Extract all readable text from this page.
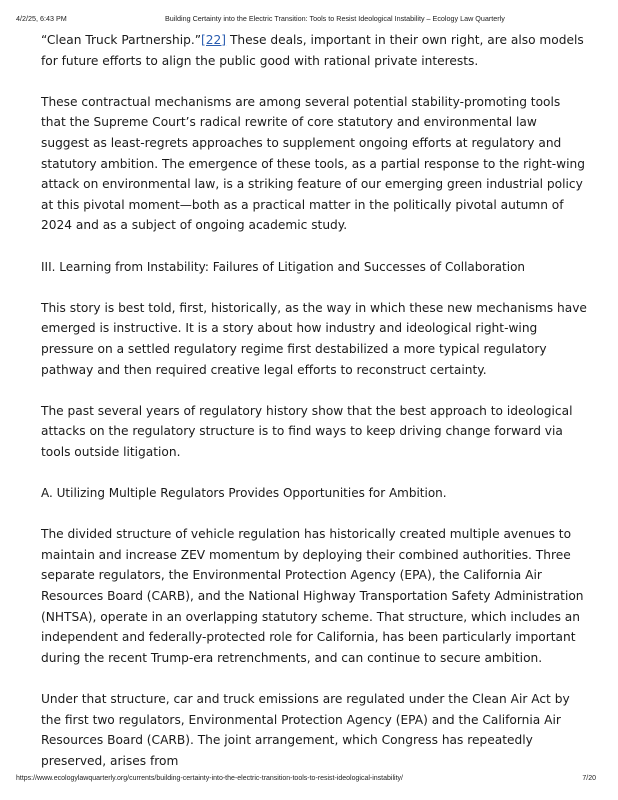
4/2/25, 6:43 PM	Building Certainty into the Electric Transition: Tools to Resist Ideological Instability – Ecology Law Quarterly

“Clean Truck Partnership.”[22] These deals, important in their own right, are also models for future efforts to align the public good with rational private interests.

These contractual mechanisms are among several potential stability-promoting tools that the Supreme Court’s radical rewrite of core statutory and environmental law suggest as least-regrets approaches to supplement ongoing efforts at regulatory and statutory ambition. The emergence of these tools, as a partial response to the right-wing attack on environmental law, is a striking feature of our emerging green industrial policy at this pivotal moment—both as a practical matter in the politically pivotal autumn of 2024 and as a subject of ongoing academic study.

III. Learning from Instability: Failures of Litigation and Successes of Collaboration

This story is best told, first, historically, as the way in which these new mechanisms have emerged is instructive. It is a story about how industry and ideological right-wing pressure on a settled regulatory regime first destabilized a more typical regulatory pathway and then required creative legal efforts to reconstruct certainty.

The past several years of regulatory history show that the best approach to ideological attacks on the regulatory structure is to find ways to keep driving change forward via tools outside litigation.

A. Utilizing Multiple Regulators Provides Opportunities for Ambition.

The divided structure of vehicle regulation has historically created multiple avenues to maintain and increase ZEV momentum by deploying their combined authorities. Three separate regulators, the Environmental Protection Agency (EPA), the California Air Resources Board (CARB), and the National Highway Transportation Safety Administration (NHTSA), operate in an overlapping statutory scheme. That structure, which includes an independent and federally-protected role for California, has been particularly important during the recent Trump-era retrenchments, and can continue to secure ambition.

Under that structure, car and truck emissions are regulated under the Clean Air Act by the first two regulators, Environmental Protection Agency (EPA) and the California Air Resources Board (CARB). The joint arrangement, which Congress has repeatedly preserved, arises from

https://www.ecologylawquarterly.org/currents/building-certainty-into-the-electric-transition-tools-to-resist-ideological-instability/	7/20
